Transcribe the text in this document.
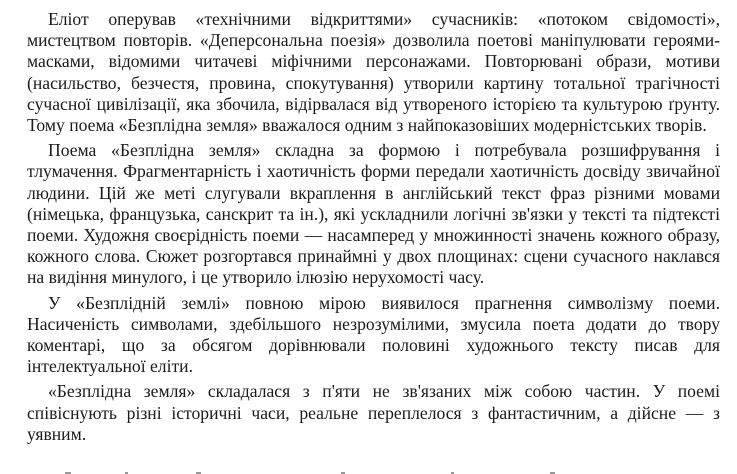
Еліот оперував «технічними відкриттями» сучасників: «потоком свідомості», мистецтвом повторів. «Деперсональна поезія» дозволила поетові маніпулювати героями-масками, відомими читачеві міфічними персонажами. Повторювані образи, мотиви (насильство, безчестя, провина, спокутування) утворили картину тотальної трагічності сучасної цивілізації, яка збочила, відірвалася від утвореного історією та культурою ґрунту. Тому поема «Безплідна земля» вважалося одним з найпоказовіших модерністських творів.

Поема «Безплідна земля» складна за формою і потребувала розшифрування і тлумачення. Фрагментарність і хаотичність форми передали хаотичність досвіду звичайної людини. Цій же меті слугували вкраплення в англійський текст фраз різними мовами (німецька, французька, санскрит та ін.), які ускладнили логічні зв'язки у тексті та підтексті поеми. Художня своєрідність поеми — насамперед у множинності значень кожного образу, кожного слова. Сюжет розгортався принаймні у двох площинах: сцени сучасного наклався на видіння минулого, і це утворило ілюзію нерухомості часу.

У «Безплідній землі» повною мірою виявилося прагнення символізму поеми. Насиченість символами, здебільшого незрозумілими, змусила поета додати до твору коментарі, що за обсягом дорівнювали половині художнього тексту писав для інтелектуальної еліти.

«Безплідна земля» складалася з п'яти не зв'язаних між собою частин. У поемі співіснують різні історичні часи, реальне переплелося з фантастичним, а дійсне — з уявним.
